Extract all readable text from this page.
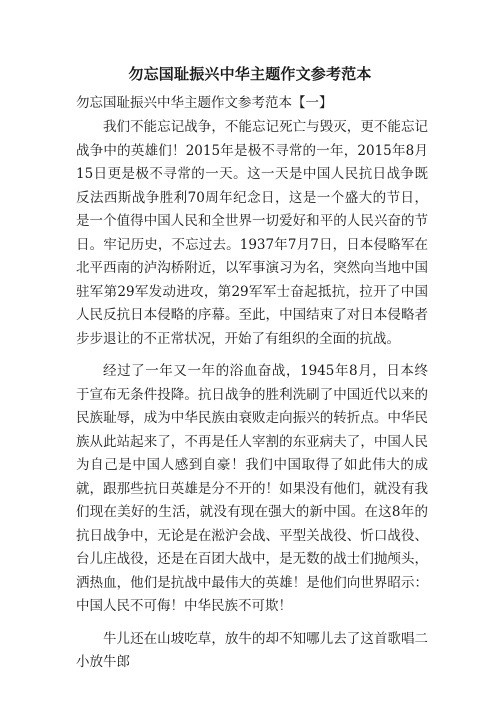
勿忘国耻振兴中华主题作文参考范本
勿忘国耻振兴中华主题作文参考范本【一】

我们不能忘记战争，不能忘记死亡与毁灭，更不能忘记战争中的英雄们！2015年是极不寻常的一年，2015年8月15日更是极不寻常的一天。这一天是中国人民抗日战争既反法西斯战争胜利70周年纪念日，这是一个盛大的节日，是一个值得中国人民和全世界一切爱好和平的人民兴奋的节日。牢记历史，不忘过去。1937年7月7日，日本侵略军在北平西南的泸沟桥附近，以军事演习为名，突然向当地中国驻军第29军发动进攻，第29军军士奋起抵抗，拉开了中国人民反抗日本侵略的序幕。至此，中国结束了对日本侵略者步步退让的不正常状况，开始了有组织的全面的抗战。

经过了一年又一年的浴血奋战，1945年8月，日本终于宣布无条件投降。抗日战争的胜利洗刷了中国近代以来的民族耻辱，成为中华民族由衰败走向振兴的转折点。中华民族从此站起来了，不再是任人宰割的东亚病夫了，中国人民为自己是中国人感到自豪！我们中国取得了如此伟大的成就，跟那些抗日英雄是分不开的！如果没有他们，就没有我们现在美好的生活，就没有现在强大的新中国。在这8年的抗日战争中，无论是在淞沪会战、平型关战役、忻口战役、台儿庄战役，还是在百团大战中，是无数的战士们抛颅头，洒热血，他们是抗战中最伟大的英雄！是他们向世界昭示：中国人民不可侮！中华民族不可欺！

牛儿还在山坡吃草，放牛的却不知哪儿去了这首歌唱二小放牛郎
